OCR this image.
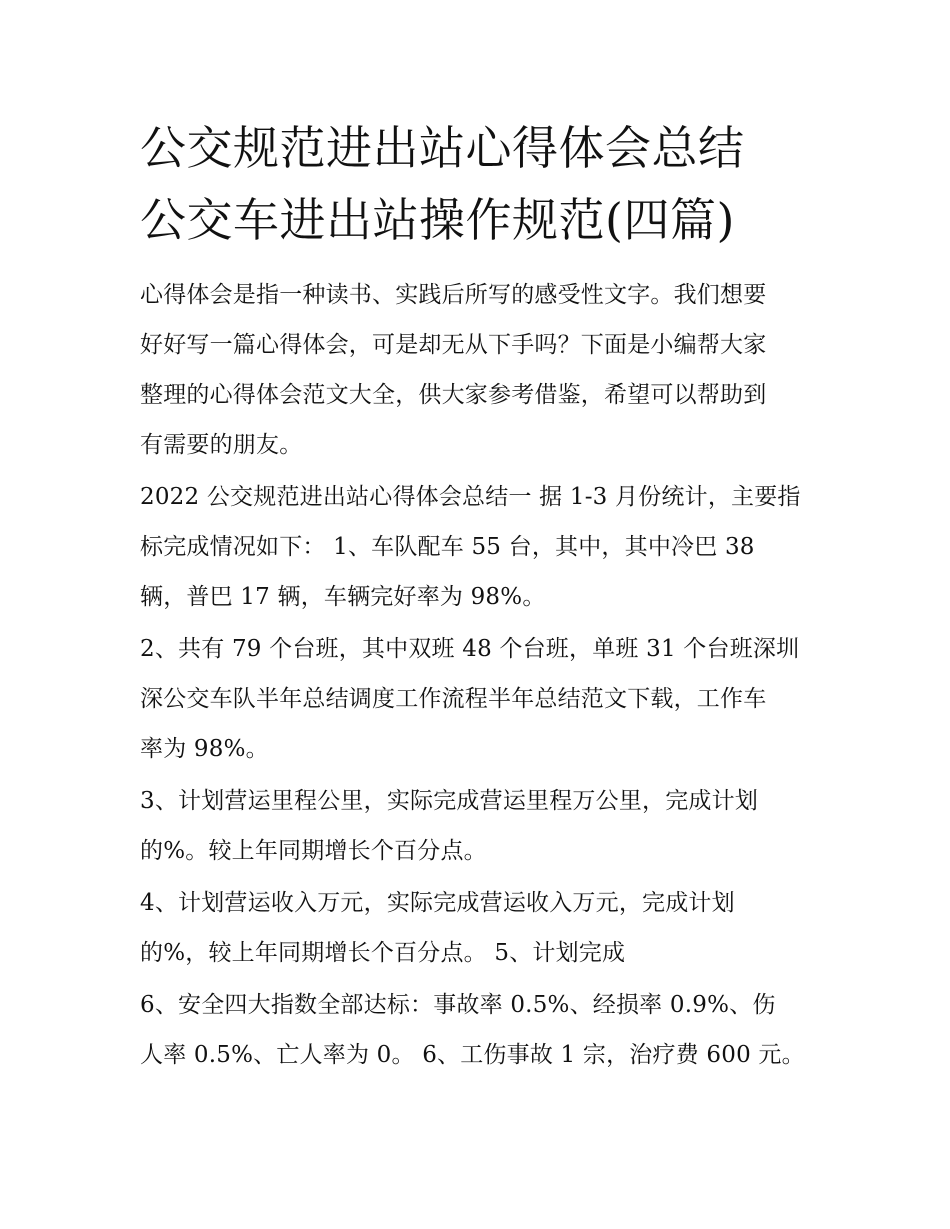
公交规范进出站心得体会总结
公交车进出站操作规范(四篇)

心得体会是指一种读书、实践后所写的感受性文字。我们想要
好好写一篇心得体会，可是却无从下手吗？下面是小编帮大家
整理的心得体会范文大全，供大家参考借鉴，希望可以帮助到
有需要的朋友。

2022 公交规范进出站心得体会总结一 据 1-3 月份统计，主要指
标完成情况如下： 1、车队配车 55 台，其中，其中冷巴 38
辆，普巴 17 辆，车辆完好率为 98%。

2、共有 79 个台班，其中双班 48 个台班，单班 31 个台班深圳
深公交车队半年总结调度工作流程半年总结范文下载，工作车
率为 98%。

3、计划营运里程公里，实际完成营运里程万公里，完成计划
的%。较上年同期增长个百分点。

4、计划营运收入万元，实际完成营运收入万元，完成计划
的%，较上年同期增长个百分点。 5、计划完成

6、安全四大指数全部达标：事故率 0.5%、经损率 0.9%、伤
人率 0.5%、亡人率为 0。 6、工伤事故 1 宗，治疗费 600 元。
